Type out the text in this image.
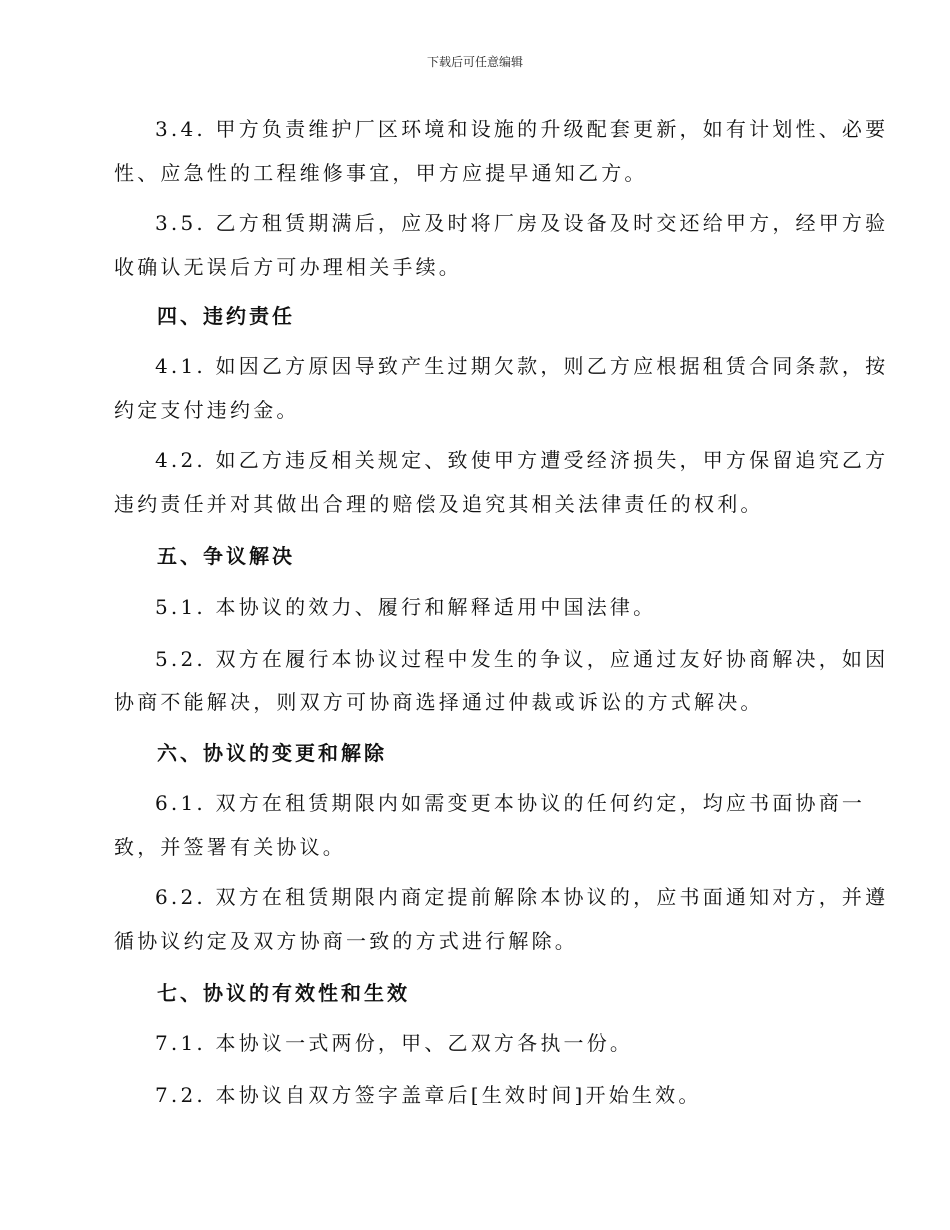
下载后可任意编辑
3.4. 甲方负责维护厂区环境和设施的升级配套更新，如有计划性、必要
性、应急性的工程维修事宜，甲方应提早通知乙方。
3.5. 乙方租赁期满后，应及时将厂房及设备及时交还给甲方，经甲方验
收确认无误后方可办理相关手续。
四、违约责任
4.1. 如因乙方原因导致产生过期欠款，则乙方应根据租赁合同条款，按
约定支付违约金。
4.2. 如乙方违反相关规定、致使甲方遭受经济损失，甲方保留追究乙方
违约责任并对其做出合理的赔偿及追究其相关法律责任的权利。
五、争议解决
5.1. 本协议的效力、履行和解释适用中国法律。
5.2. 双方在履行本协议过程中发生的争议，应通过友好协商解决，如因
协商不能解决，则双方可协商选择通过仲裁或诉讼的方式解决。
六、协议的变更和解除
6.1. 双方在租赁期限内如需变更本协议的任何约定，均应书面协商一
致，并签署有关协议。
6.2. 双方在租赁期限内商定提前解除本协议的，应书面通知对方，并遵
循协议约定及双方协商一致的方式进行解除。
七、协议的有效性和生效
7.1. 本协议一式两份，甲、乙双方各执一份。
7.2. 本协议自双方签字盖章后[生效时间]开始生效。
